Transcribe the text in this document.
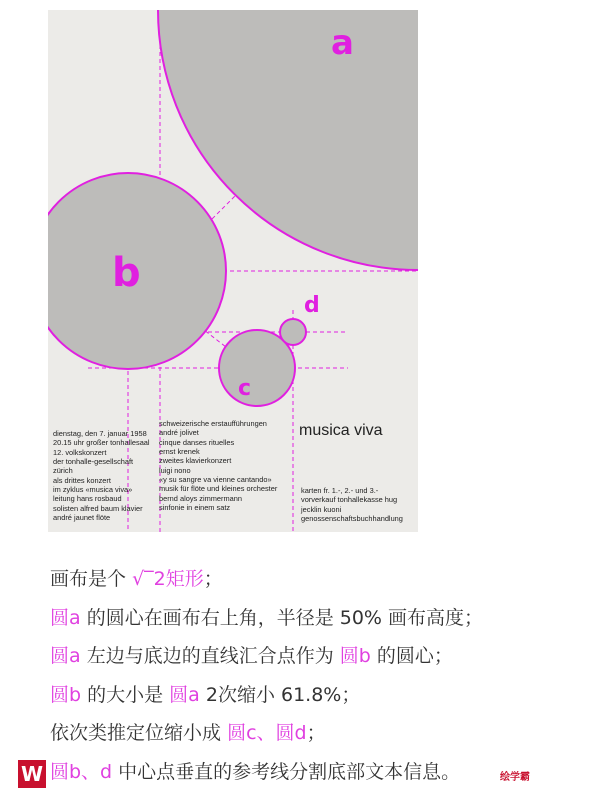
a
b
c
d
dienstag, den 7. januar 1958
20.15 uhr großer tonhallesaal
12. volkskonzert
der tonhalle-gesellschaft
zürich
als drittes konzert
im zyklus «musica viva»
leitung hans rosbaud
solisten alfred baum klavier
andré jaunet flöte
schweizerische erstaufführungen
andré jolivet
cinque danses rituelles
ernst krenek
zweites klavierkonzert
luigi nono
«y su sangre va vienne cantando»
musik für flöte und kleines orchester
bernd aloys zimmermann
sinfonie in einem satz
musica viva
karten fr. 1.-, 2.- und 3.-
vorverkauf tonhallekasse hug
jecklin kuoni
genossenschaftsbuchhandlung
画布是个 √‾2矩形；
圆a 的圆心在画布右上角，半径是 50% 画布高度；
圆a 左边与底边的直线汇合点作为 圆b 的圆心；
圆b 的大小是 圆a 2次缩小 61.8%；
依次类推定位缩小成 圆c、圆d；
圆b、d 中心点垂直的参考线分割底部文本信息。
W	绘学霸
